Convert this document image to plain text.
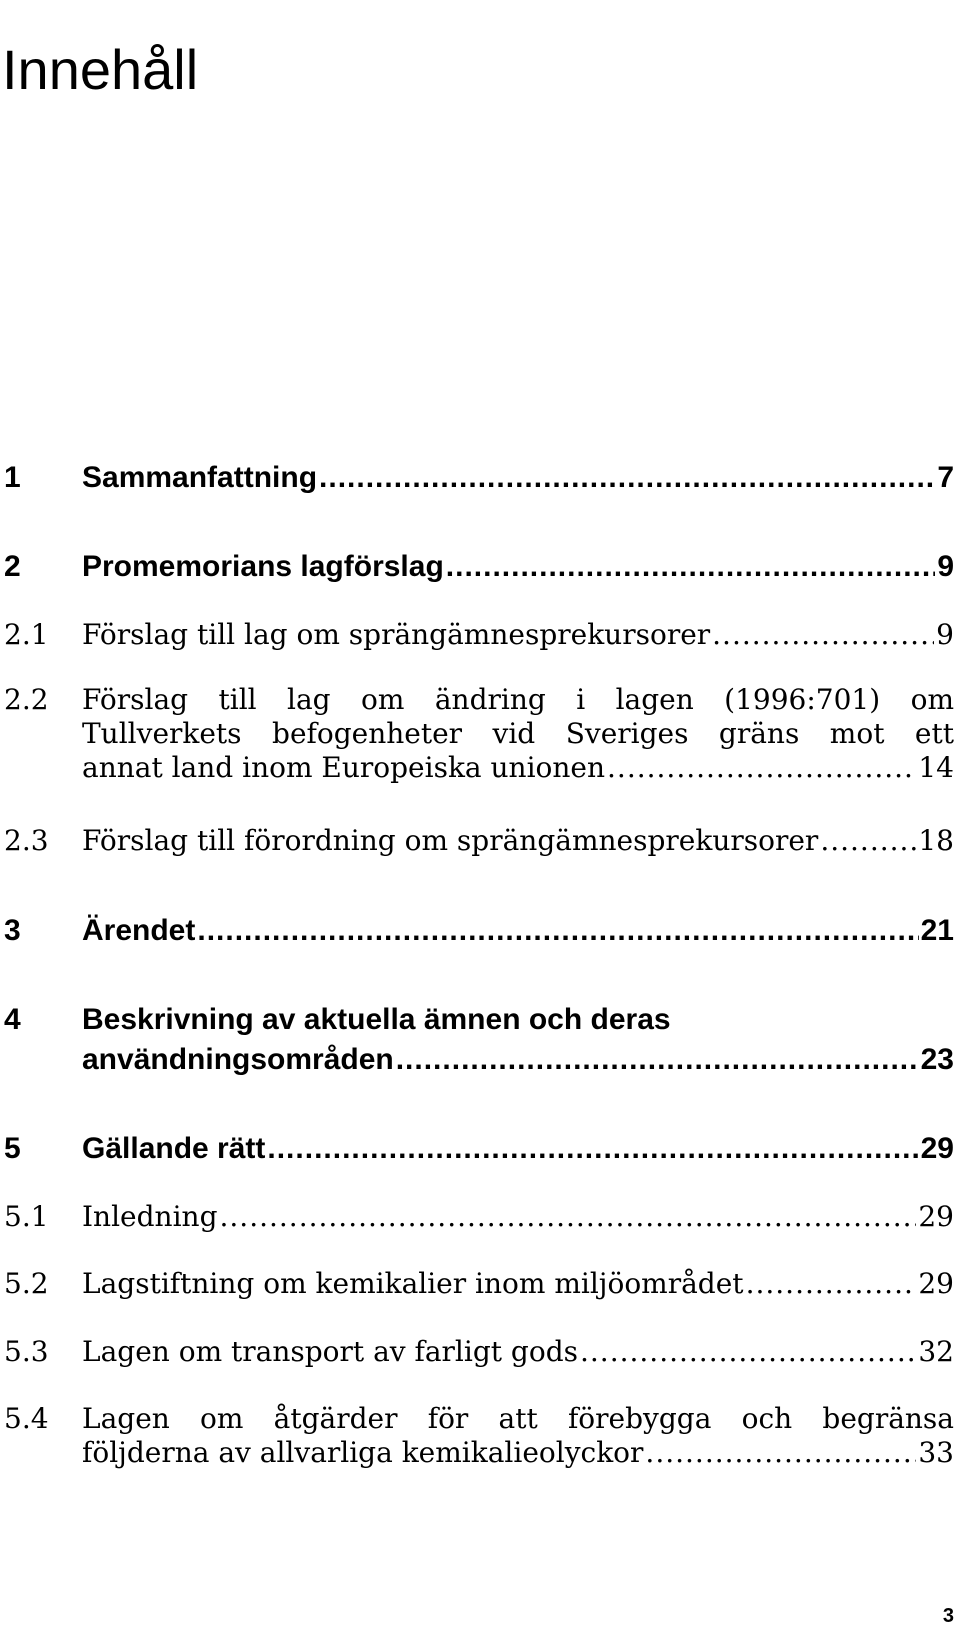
Innehåll
1 Sammanfattning .....	7
2 Promemorians lagförslag .....	9
2.1 Förslag till lag om sprängämnesprekursorer .....	9
2.2 Förslag till lag om ändring i lagen (1996:701) om
Tullverkets befogenheter vid Sveriges gräns mot ett
annat land inom Europeiska unionen .....	14
2.3 Förslag till förordning om sprängämnesprekursorer .....	18
3 Ärendet .....	21
4 Beskrivning av aktuella ämnen och deras
användningsområden .....	23
5 Gällande rätt .....	29
5.1 Inledning .....	29
5.2 Lagstiftning om kemikalier inom miljöområdet .....	29
5.3 Lagen om transport av farligt gods .....	32
5.4 Lagen om åtgärder för att förebygga och begränsa
följderna av allvarliga kemikalieolyckor .....	33
3
